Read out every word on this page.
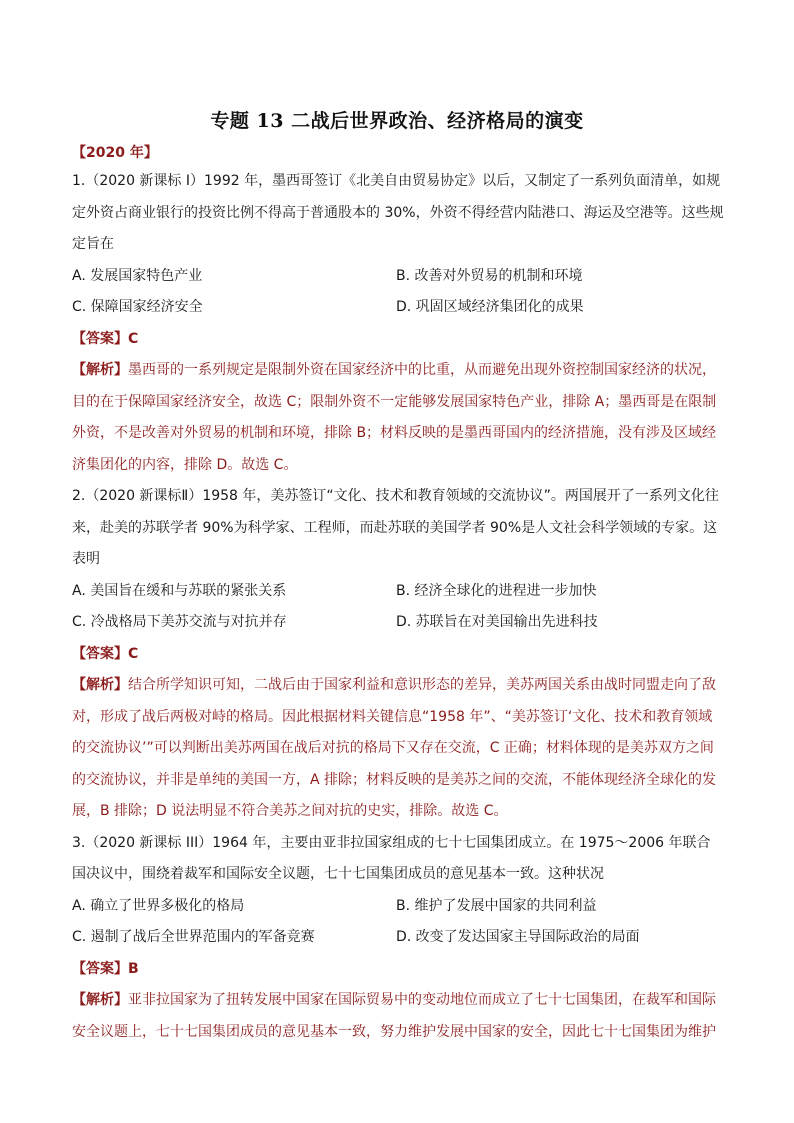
专题 13 二战后世界政治、经济格局的演变
【2020 年】
1.（2020 新课标 I）1992 年，墨西哥签订《北美自由贸易协定》以后，又制定了一系列负面清单，如规定外资占商业银行的投资比例不得高于普通股本的 30%，外资不得经营内陆港口、海运及空港等。这些规定旨在
A. 发展国家特色产业	B. 改善对外贸易的机制和环境
C. 保障国家经济安全	D. 巩固区域经济集团化的成果
【答案】C
【解析】墨西哥的一系列规定是限制外资在国家经济中的比重，从而避免出现外资控制国家经济的状况，目的在于保障国家经济安全，故选 C；限制外资不一定能够发展国家特色产业，排除 A；墨西哥是在限制外资，不是改善对外贸易的机制和环境，排除 B；材料反映的是墨西哥国内的经济措施，没有涉及区域经济集团化的内容，排除 D。故选 C。
2.（2020 新课标Ⅱ）1958 年，美苏签订“文化、技术和教育领域的交流协议”。两国展开了一系列文化往来，赴美的苏联学者 90%为科学家、工程师，而赴苏联的美国学者 90%是人文社会科学领域的专家。这表明
A. 美国旨在缓和与苏联的紧张关系	B. 经济全球化的进程进一步加快
C. 冷战格局下美苏交流与对抗并存	D. 苏联旨在对美国输出先进科技
【答案】C
【解析】结合所学知识可知，二战后由于国家利益和意识形态的差异，美苏两国关系由战时同盟走向了敌对，形成了战后两极对峙的格局。因此根据材料关键信息“1958 年”、“美苏签订‘文化、技术和教育领域的交流协议’”可以判断出美苏两国在战后对抗的格局下又存在交流，C 正确；材料体现的是美苏双方之间的交流协议，并非是单纯的美国一方，A 排除；材料反映的是美苏之间的交流，不能体现经济全球化的发展，B 排除；D 说法明显不符合美苏之间对抗的史实，排除。故选 C。
3.（2020 新课标 III）1964 年，主要由亚非拉国家组成的七十七国集团成立。在 1975～2006 年联合国决议中，围绕着裁军和国际安全议题，七十七国集团成员的意见基本一致。这种状况
A. 确立了世界多极化的格局	B. 维护了发展中国家的共同利益
C. 遏制了战后全世界范围内的军备竞赛	D. 改变了发达国家主导国际政治的局面
【答案】B
【解析】亚非拉国家为了扭转发展中国家在国际贸易中的变动地位而成立了七十七国集团，在裁军和国际安全议题上，七十七国集团成员的意见基本一致，努力维护发展中国家的安全，因此七十七国集团为维护
